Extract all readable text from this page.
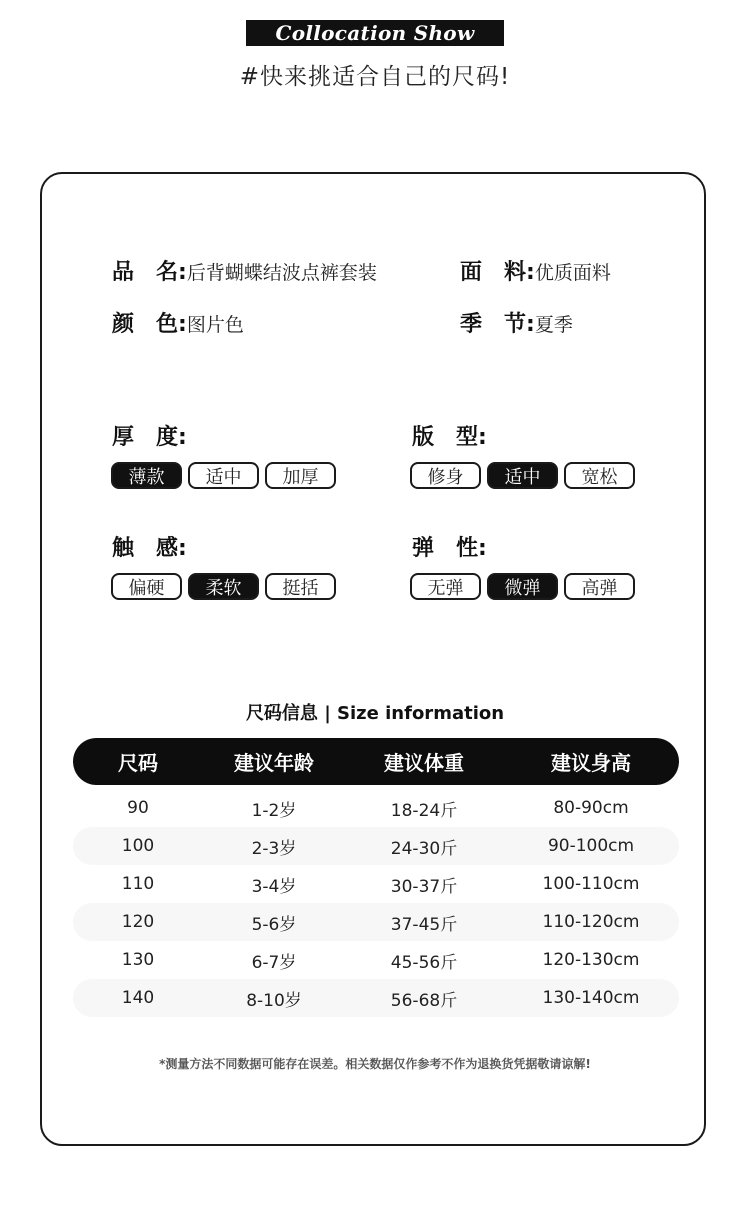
Collocation Show
#快来挑适合自己的尺码!
品　名: 后背蝴蝶结波点裤套装	面　料: 优质面料
颜　色: 图片色	季　节: 夏季
厚　度:
薄款	适中	加厚
版　型:
修身	适中	宽松
触　感:
偏硬	柔软	挺括
弹　性:
无弹	微弹	高弹
尺码信息 | Size information
尺码	建议年龄	建议体重	建议身高
90	1-2岁	18-24斤	80-90cm
100	2-3岁	24-30斤	90-100cm
110	3-4岁	30-37斤	100-110cm
120	5-6岁	37-45斤	110-120cm
130	6-7岁	45-56斤	120-130cm
140	8-10岁	56-68斤	130-140cm
*测量方法不同数据可能存在误差。相关数据仅作参考不作为退换货凭据敬请谅解!
